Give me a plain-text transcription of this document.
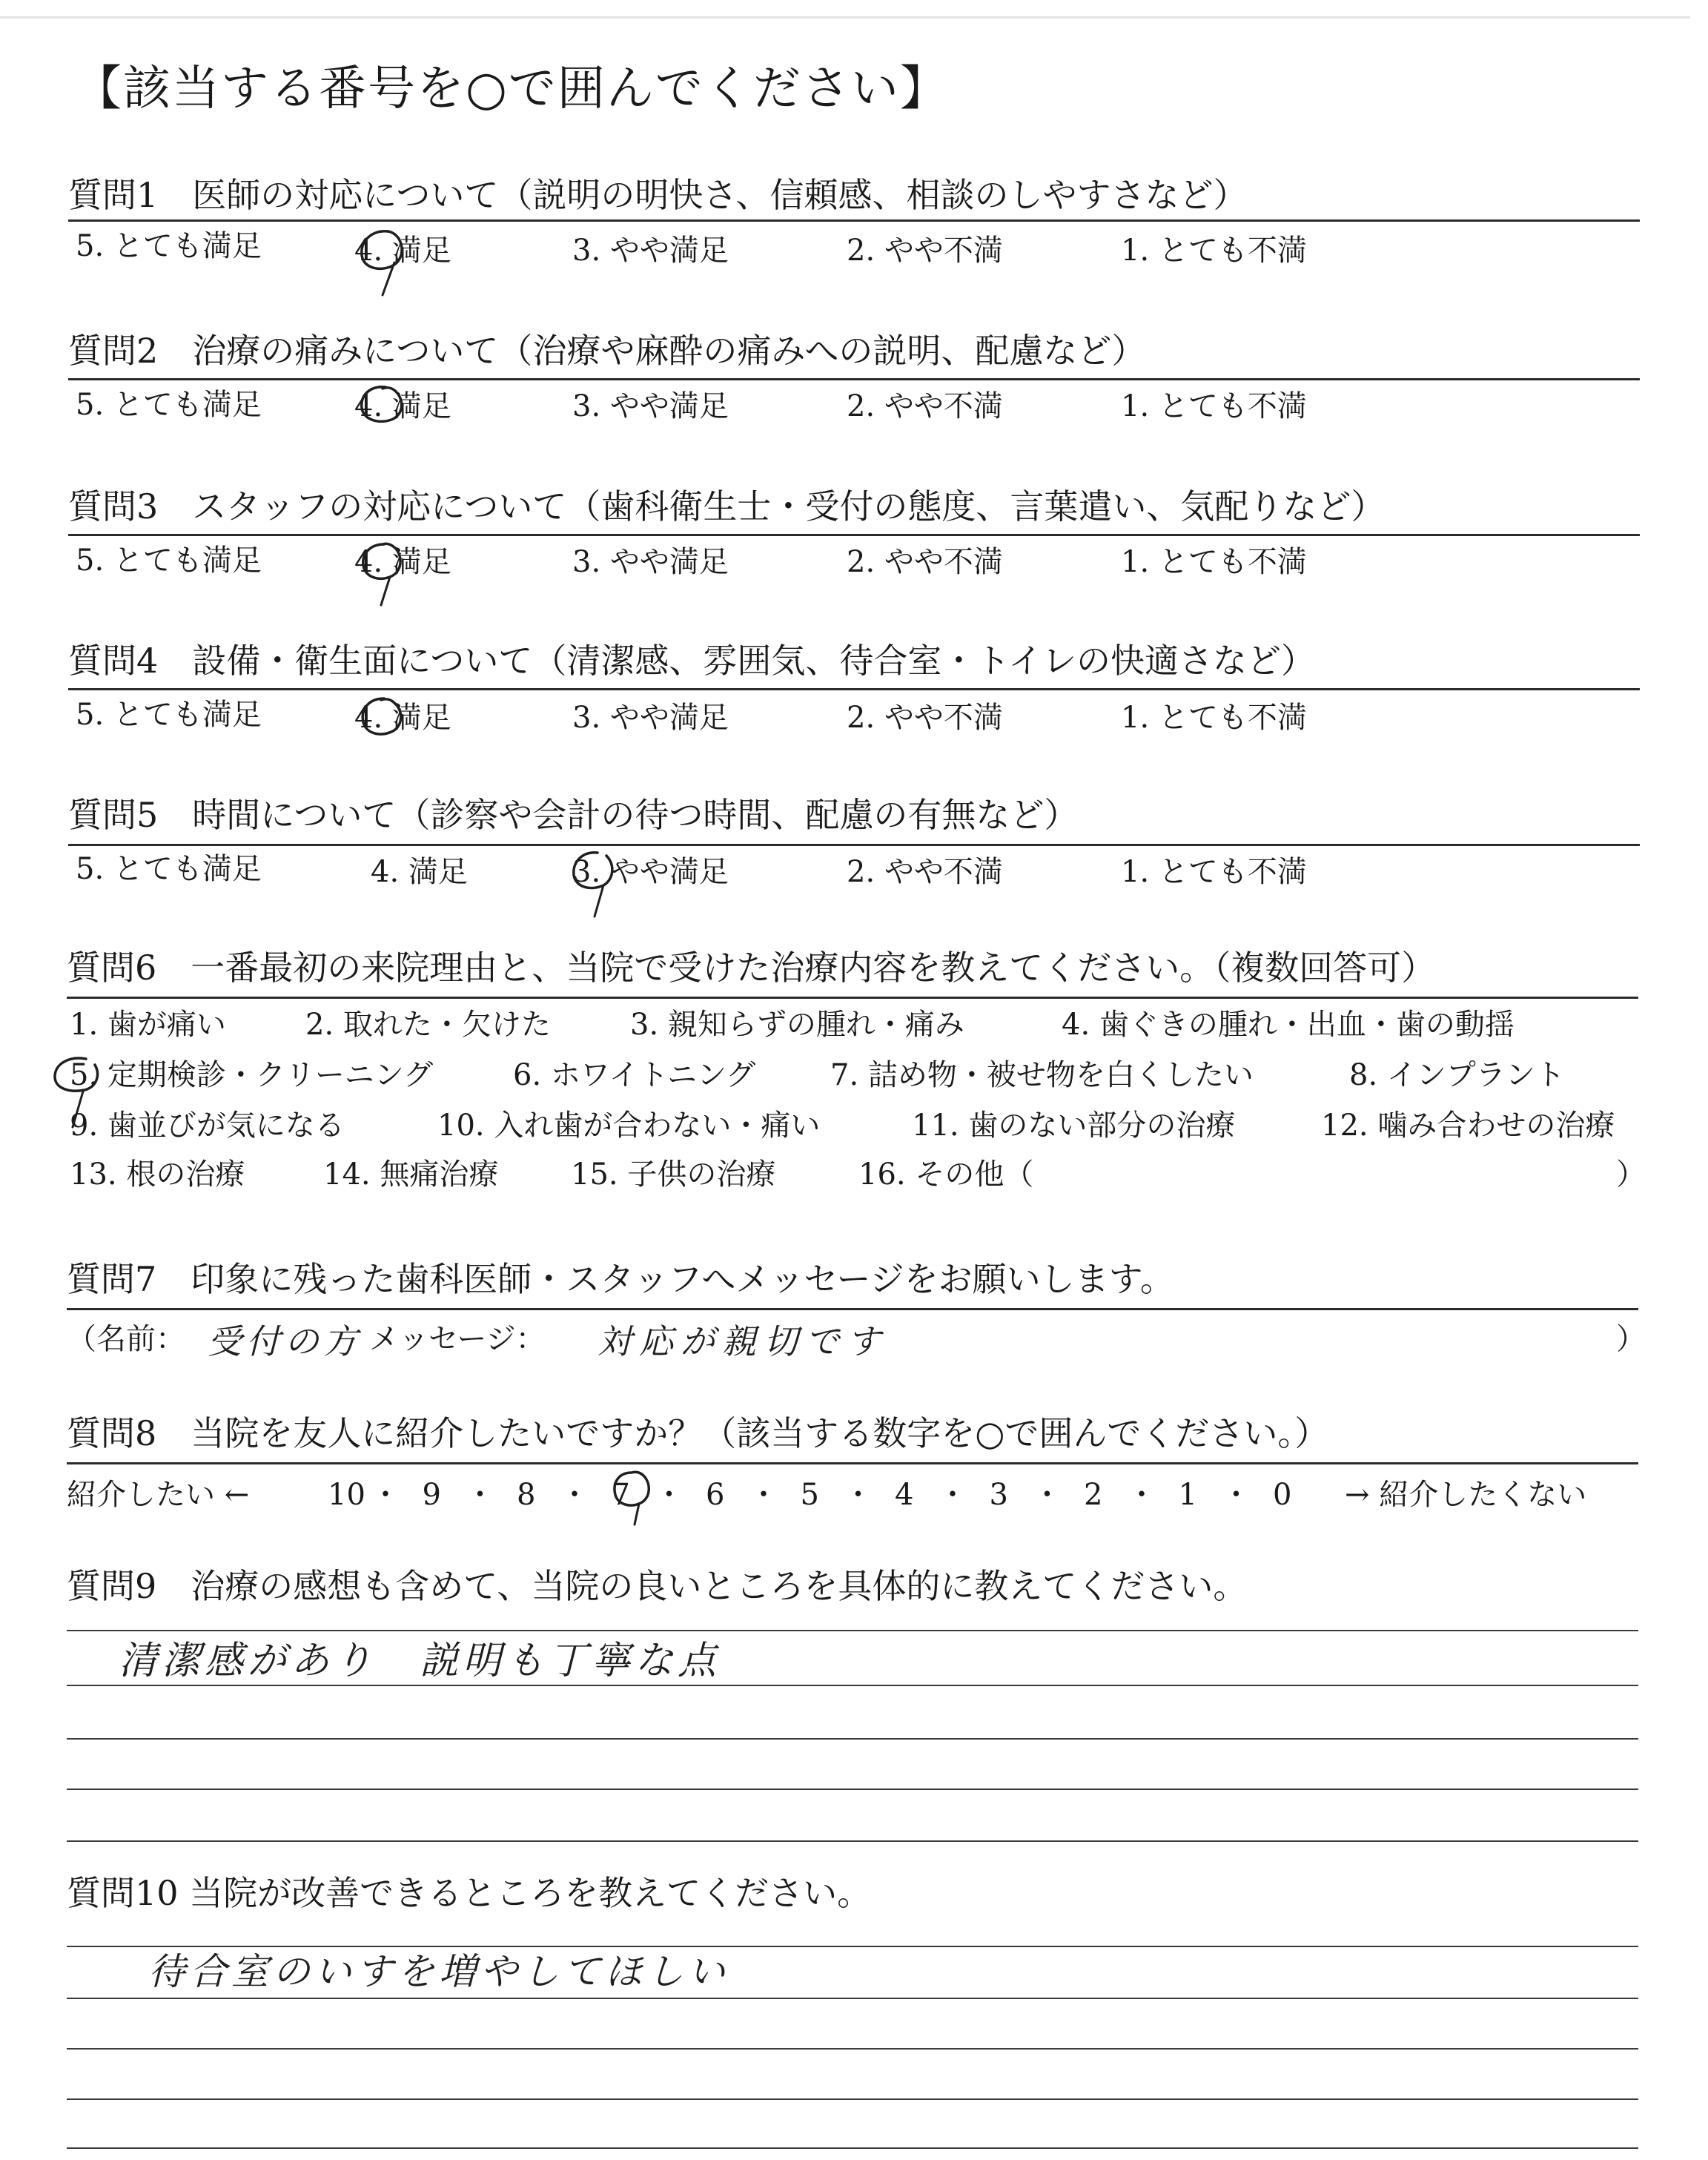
【該当する番号を○で囲んでください】
質問1　医師の対応について（説明の明快さ、信頼感、相談のしやすさなど）
5. とても満足	4. 満足	3. やや満足	2. やや不満	1. とても不満
質問2　治療の痛みについて（治療や麻酔の痛みへの説明、配慮など）
5. とても満足	4. 満足	3. やや満足	2. やや不満	1. とても不満
質問3　スタッフの対応について（歯科衛生士・受付の態度、言葉遣い、気配りなど）
5. とても満足	4. 満足	3. やや満足	2. やや不満	1. とても不満
質問4　設備・衛生面について（清潔感、雰囲気、待合室・トイレの快適さなど）
5. とても満足	4. 満足	3. やや満足	2. やや不満	1. とても不満
質問5　時間について（診察や会計の待つ時間、配慮の有無など）
5. とても満足	4. 満足	3. やや満足	2. やや不満	1. とても不満
質問6　一番最初の来院理由と、当院で受けた治療内容を教えてください。（複数回答可）
1. 歯が痛い	2. 取れた・欠けた	3. 親知らずの腫れ・痛み	4. 歯ぐきの腫れ・出血・歯の動揺
5. 定期検診・クリーニング	6. ホワイトニング	7. 詰め物・被せ物を白くしたい	8. インプラント
9. 歯並びが気になる	10. 入れ歯が合わない・痛い	11. 歯のない部分の治療	12. 噛み合わせの治療
13. 根の治療	14. 無痛治療 15. 子供の治療	16. その他（	）
質問7　印象に残った歯科医師・スタッフへメッセージをお願いします。
（名前： 受付の方 メッセージ： 対応が親切です	）
質問8　当院を友人に紹介したいですか？（該当する数字を○で囲んでください。）
紹介したい ←	10 ・ 9 ・ 8 ・ 7 ・ 6 ・ 5 ・ 4 ・ 3 ・ 2 ・ 1 ・ 0 → 紹介したくない
質問9　治療の感想も含めて、当院の良いところを具体的に教えてください。
清潔感があり　説明も丁寧な点
質問10 当院が改善できるところを教えてください。
待合室のいすを増やしてほしい
